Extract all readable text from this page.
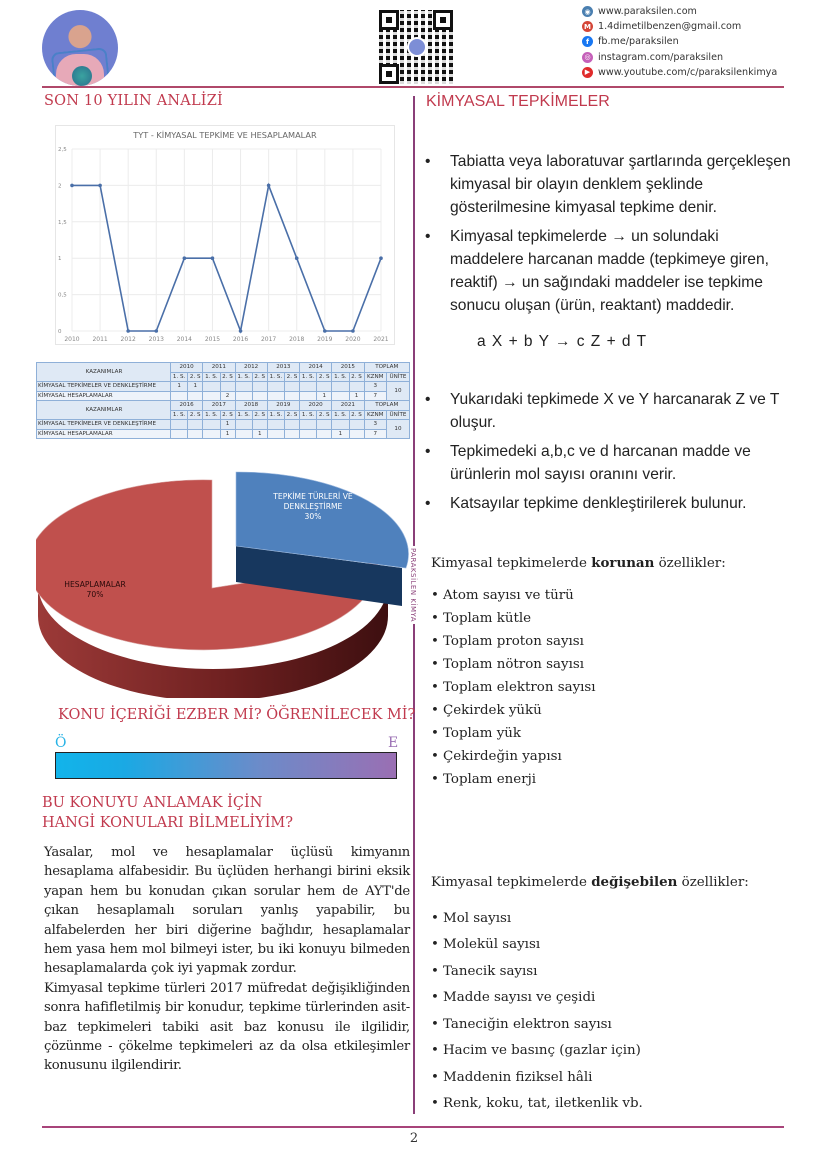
◉ www.paraksilen.com
M 1.4dimetilbenzen@gmail.com
f fb.me/paraksilen
◎ instagram.com/paraksilen
▶ www.youtube.com/c/paraksilenkimya
PARAKSİLEN KİMYA
SON 10 YILIN ANALİZİ
TYT - KİMYASAL TEPKİME VE HESAPLAMALAR
0
0,5
1
1,5
2
2,5
2010 2011 2012 2013 2014 2015 2016 2017 2018 2019 2020 2021
KAZANIMLAR	2010		2011		2012		2013		2014		2015		TOPLAM	
	1. S.	2. S	1. S.	2. S	1. S.	2. S	1. S.	2. S	1. S.	2. S	1. S.	2. S	KZNM	ÜNİTE
KİMYASAL TEPKİMELER VE DENKLEŞTİRME	1	1											3	10
KİMYASAL HESAPLAMALAR				2						1		1	7	
KAZANIMLAR	2016		2017		2018		2019		2020		2021		TOPLAM	
	1. S.	2. S	1. S.	2. S	1. S.	2. S	1. S.	2. S	1. S.	2. S	1. S.	2. S	KZNM	ÜNİTE
KİMYASAL TEPKİMELER VE DENKLEŞTİRME				1									3	10
KİMYASAL HESAPLAMALAR				1		1					1		7	
TEPKİME TÜRLERİ VE DENKLEŞTİRME
30%
HESAPLAMALAR
70%
KONU İÇERİĞİ EZBER Mİ? ÖĞRENİLECEK Mİ?
Ö	E
BU KONUYU ANLAMAK İÇİN
HANGİ KONULARI BİLMELİYİM?
Yasalar, mol ve hesaplamalar üçlüsü kimyanın hesaplama alfabesidir. Bu üçlüden herhangi birini eksik yapan hem bu konudan çıkan sorular hem de AYT'de çıkan hesaplamalı soruları yanlış yapabilir, bu alfabelerden her biri diğerine bağlıdır, hesaplamalar hem yasa hem mol bilmeyi ister, bu iki konuyu bilmeden hesaplamalarda çok iyi yapmak zordur.
Kimyasal tepkime türleri 2017 müfredat değişikliğinden sonra hafifletilmiş bir konudur, tepkime türlerinden asit-baz tepkimeleri tabiki asit baz konusu ile ilgilidir, çözünme - çökelme tepkimeleri az da olsa etkileşimler konusunu ilgilendirir.
KİMYASAL TEPKİMELER
•	Tabiatta veya laboratuvar şartlarında gerçekleşen kimyasal bir olayın denklem şeklinde gösterilmesine kimyasal tepkime denir.
•	Kimyasal tepkimelerde → un solundaki maddelere harcanan madde (tepkimeye giren, reaktif) → un sağındaki maddeler ise tepkime sonucu oluşan (ürün, reaktant) maddedir.
a X + b Y → c Z + d T
•	Yukarıdaki tepkimede X ve Y harcanarak Z ve T oluşur.
•	Tepkimedeki a,b,c ve d harcanan madde ve ürünlerin mol sayısı oranını verir.
•	Katsayılar tepkime denkleştirilerek bulunur.
Kimyasal tepkimelerde korunan özellikler:
• Atom sayısı ve türü
• Toplam kütle
• Toplam proton sayısı
• Toplam nötron sayısı
• Toplam elektron sayısı
• Çekirdek yükü
• Toplam yük
• Çekirdeğin yapısı
• Toplam enerji
Kimyasal tepkimelerde değişebilen özellikler:
• Mol sayısı
• Molekül sayısı
• Tanecik sayısı
• Madde sayısı ve çeşidi
• Taneciğin elektron sayısı
• Hacim ve basınç (gazlar için)
• Maddenin fiziksel hâli
• Renk, koku, tat, iletkenlik vb.
2
